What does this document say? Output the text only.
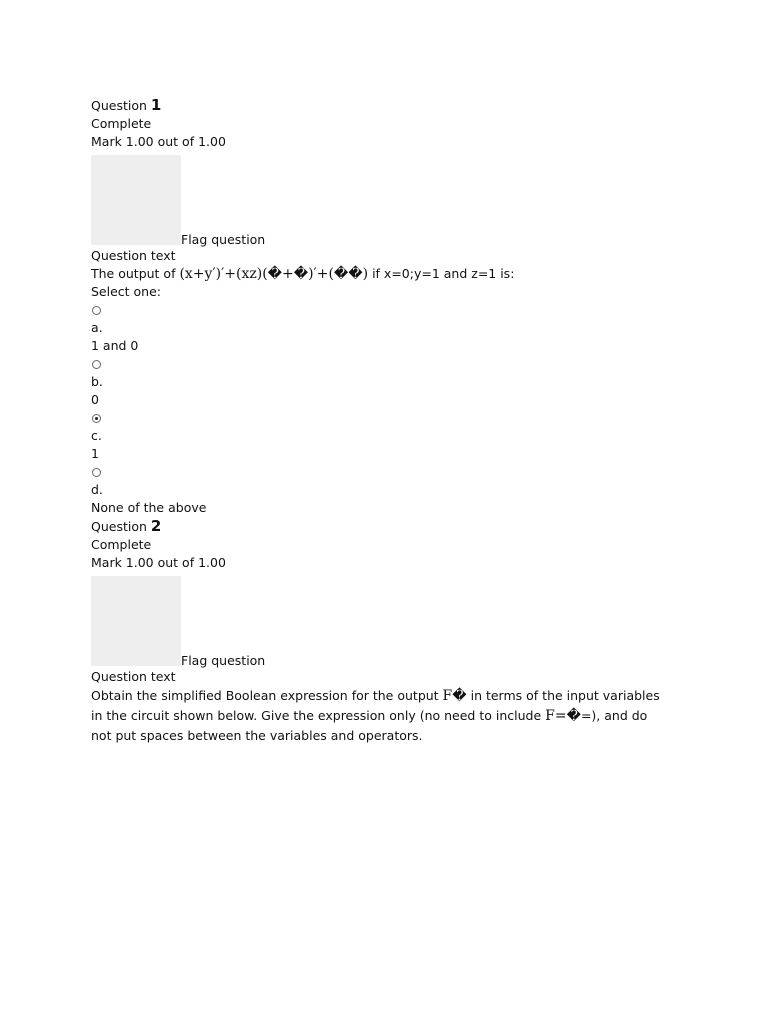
Question 1

Complete

Mark 1.00 out of 1.00

Flag question

Question text

The output of (x+y′)′+(xz)(�+�)′+(��) if x=0;y=1 and z=1 is:

Select one:

a.

1 and 0

b.

0

c.

1

d.

None of the above

Question 2

Complete

Mark 1.00 out of 1.00

Flag question

Question text

Obtain the simplified Boolean expression for the output F� in terms of the input variables in the circuit shown below. Give the expression only (no need to include F=�=), and do not put spaces between the variables and operators.
